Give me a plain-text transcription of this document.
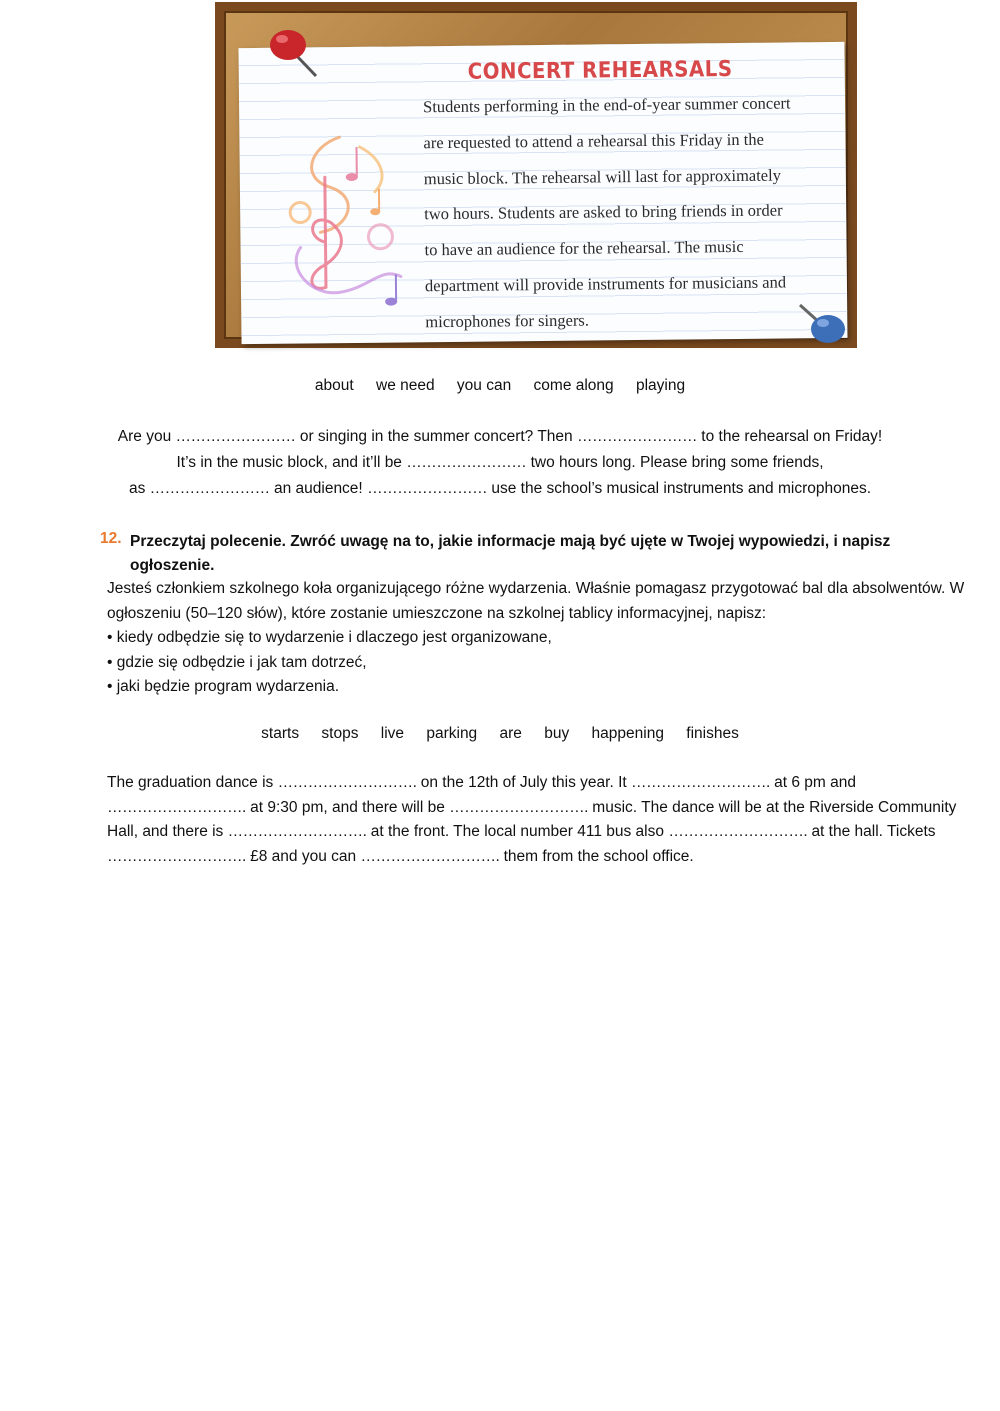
CONCERT REHEARSALS
Students performing in the end-of-year summer concert
are requested to attend a rehearsal this Friday in the
music block. The rehearsal will last for approximately
two hours. Students are asked to bring friends in order
to have an audience for the rehearsal. The music
department will provide instruments for musicians and
microphones for singers.
about we need you can come along playing
Are you …………………… or singing in the summer concert? Then …………………… to the rehearsal on Friday!
It’s in the music block, and it’ll be …………………… two hours long. Please bring some friends,
as …………………… an audience! …………………… use the school’s musical instruments and microphones.
12. Przeczytaj polecenie. Zwróć uwagę na to, jakie informacje mają być ujęte w Twojej wypowiedzi, i napisz ogłoszenie.

Jesteś członkiem szkolnego koła organizującego różne wydarzenia. Właśnie pomagasz przygotować bal dla absolwentów. W ogłoszeniu (50–120 słów), które zostanie umieszczone na szkolnej tablicy informacyjnej, napisz:

• kiedy odbędzie się to wydarzenie i dlaczego jest organizowane,
• gdzie się odbędzie i jak tam dotrzeć,
• jaki będzie program wydarzenia.
starts stops live parking are buy happening finishes
The graduation dance is ………………………. on the 12th of July this year. It ………………………. at 6 pm and ………………………. at 9:30 pm, and there will be ………………………. music. The dance will be at the Riverside Community Hall, and there is ………………………. at the front. The local number 411 bus also ………………………. at the hall. Tickets ………………………. £8 and you can ………………………. them from the school office.
